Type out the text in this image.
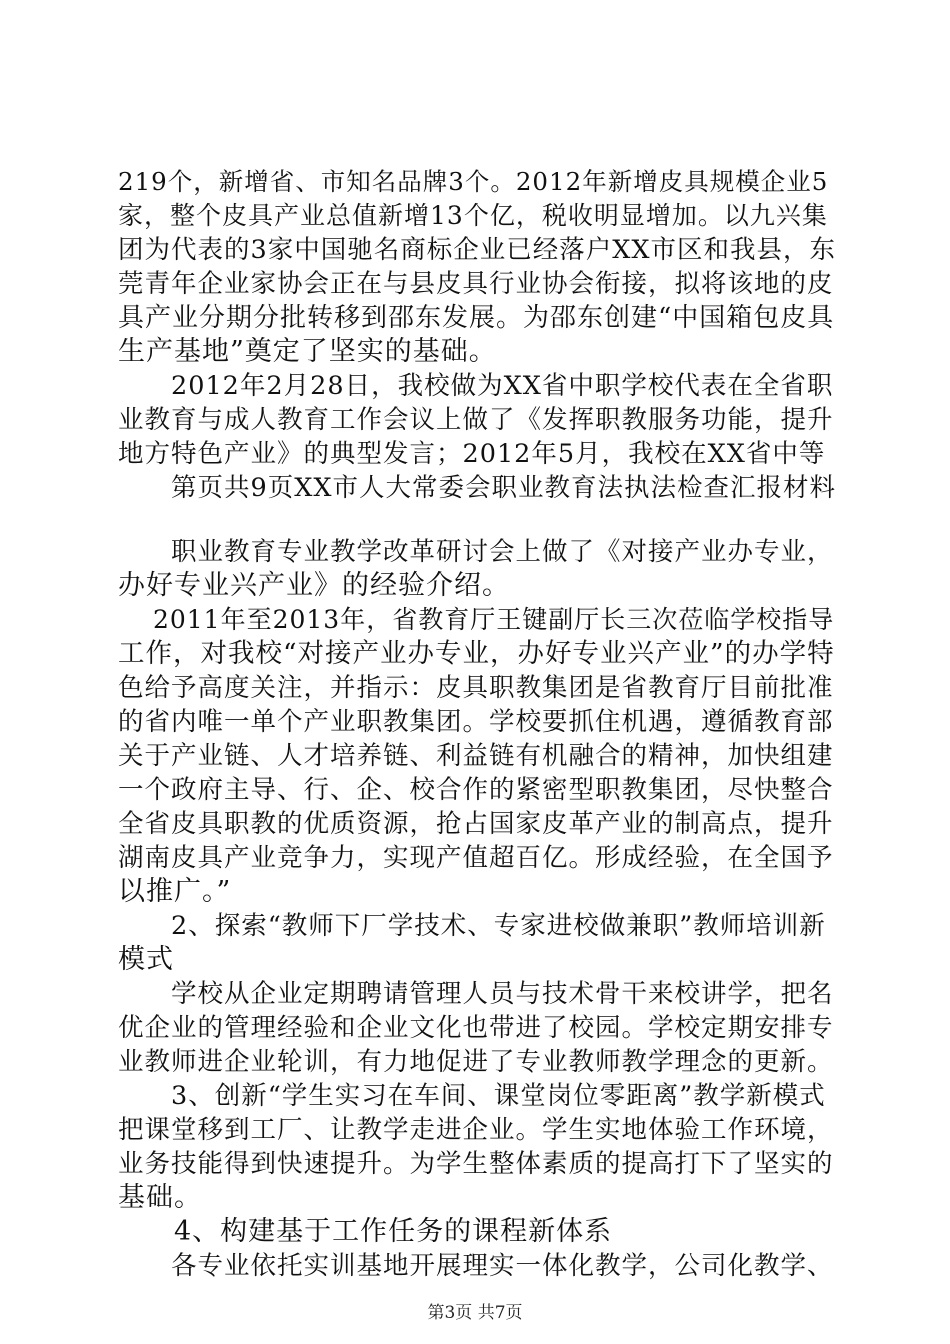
219个，新增省、市知名品牌3个。2012年新增皮具规模企业5
家，整个皮具产业总值新增13个亿，税收明显增加。以九兴集
团为代表的3家中国驰名商标企业已经落户XX市区和我县，东
莞青年企业家协会正在与县皮具行业协会衔接，拟将该地的皮
具产业分期分批转移到邵东发展。为邵东创建“中国箱包皮具
生产基地”奠定了坚实的基础。
　　2012年2月28日，我校做为XX省中职学校代表在全省职
业教育与成人教育工作会议上做了《发挥职教服务功能，提升
地方特色产业》的典型发言；2012年5月，我校在XX省中等
　　第页共9页XX市人大常委会职业教育法执法检查汇报材料
　　职业教育专业教学改革研讨会上做了《对接产业办专业，
办好专业兴产业》的经验介绍。
　 2011年至2013年，省教育厅王键副厅长三次莅临学校指导
工作，对我校“对接产业办专业，办好专业兴产业”的办学特
色给予高度关注，并指示：皮具职教集团是省教育厅目前批准
的省内唯一单个产业职教集团。学校要抓住机遇，遵循教育部
关于产业链、人才培养链、利益链有机融合的精神，加快组建
一个政府主导、行、企、校合作的紧密型职教集团，尽快整合
全省皮具职教的优质资源，抢占国家皮革产业的制高点，提升
湖南皮具产业竞争力，实现产值超百亿。形成经验，在全国予
以推广。”
　　2、探索“教师下厂学技术、专家进校做兼职”教师培训新
模式
　　学校从企业定期聘请管理人员与技术骨干来校讲学，把名
优企业的管理经验和企业文化也带进了校园。学校定期安排专
业教师进企业轮训，有力地促进了专业教师教学理念的更新。
　　3、创新“学生实习在车间、课堂岗位零距离”教学新模式
把课堂移到工厂、让教学走进企业。学生实地体验工作环境，
业务技能得到快速提升。为学生整体素质的提高打下了坚实的
基础。
　　4、构建基于工作任务的课程新体系
　　各专业依托实训基地开展理实一体化教学，公司化教学、
第3页 共7页
